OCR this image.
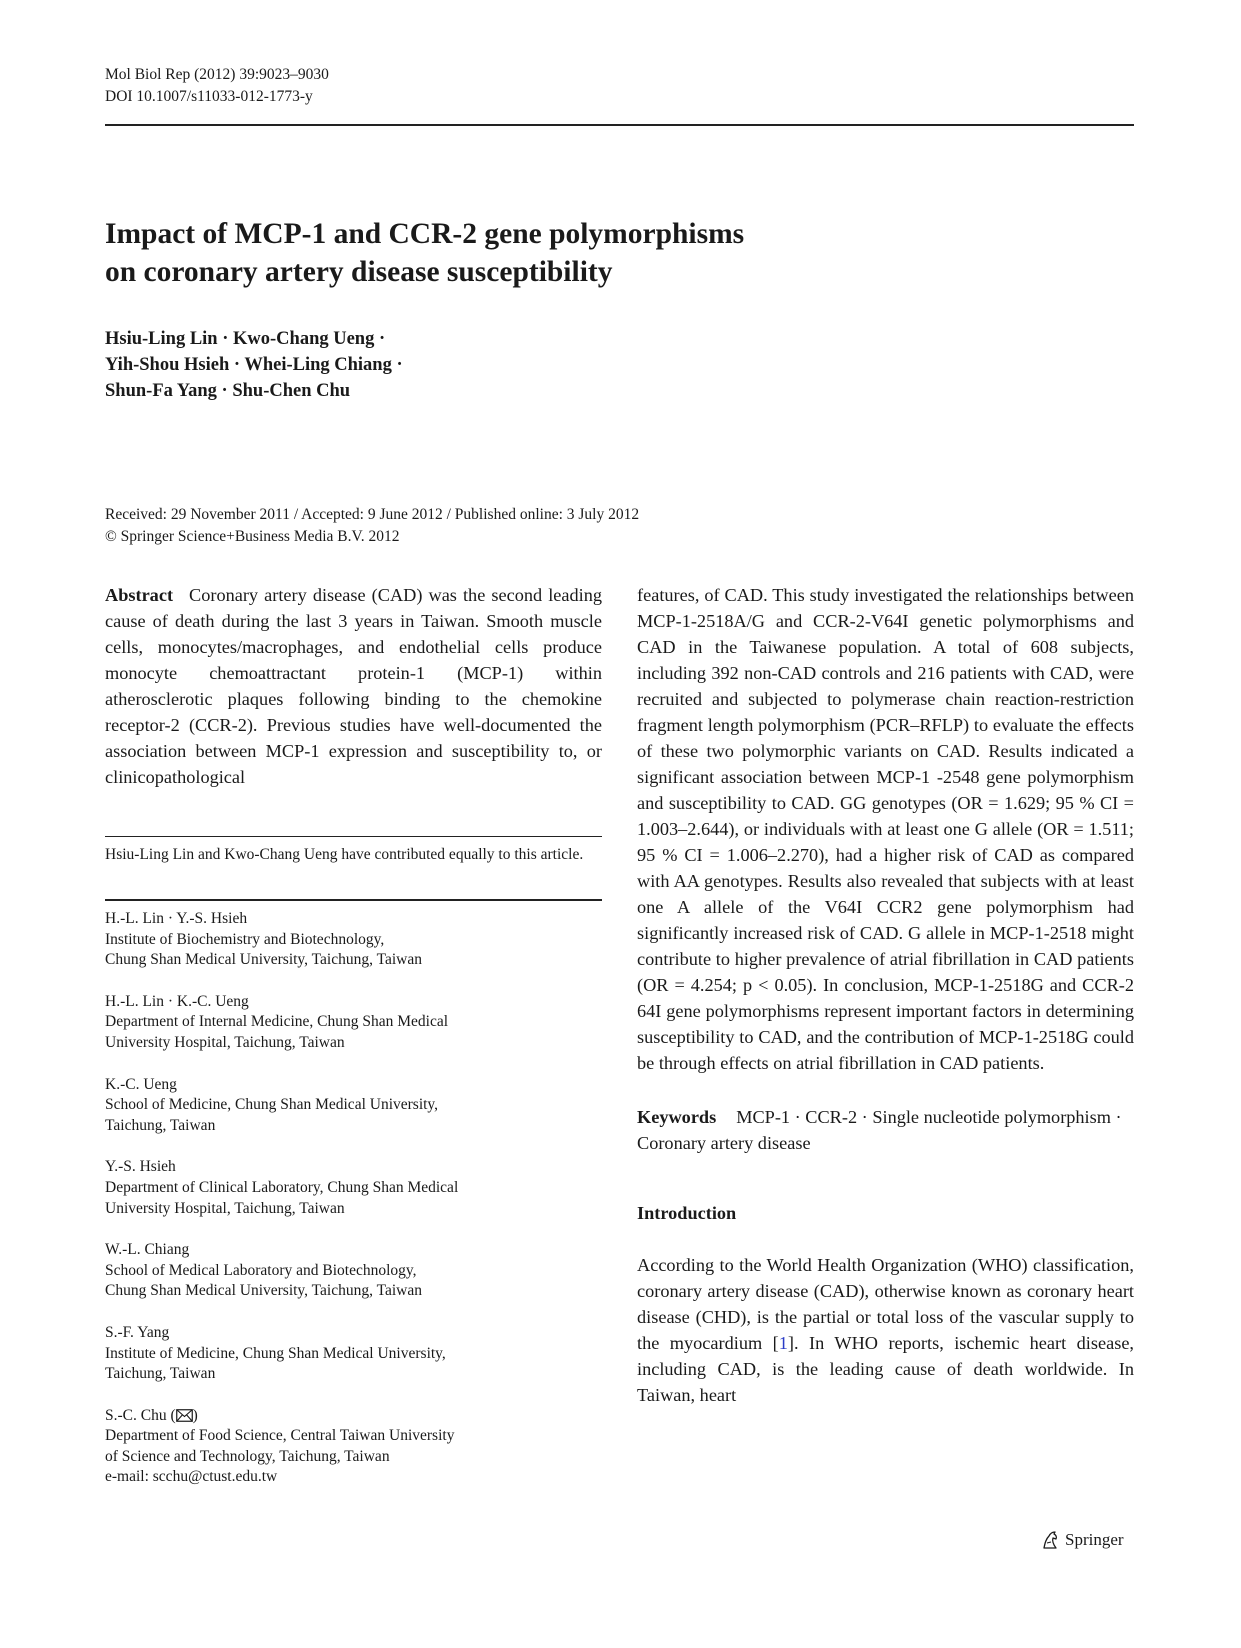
Mol Biol Rep (2012) 39:9023–9030
DOI 10.1007/s11033-012-1773-y
Impact of MCP-1 and CCR-2 gene polymorphisms
on coronary artery disease susceptibility
Hsiu-Ling Lin · Kwo-Chang Ueng ·
Yih-Shou Hsieh · Whei-Ling Chiang ·
Shun-Fa Yang · Shu-Chen Chu
Received: 29 November 2011 / Accepted: 9 June 2012 / Published online: 3 July 2012
© Springer Science+Business Media B.V. 2012

Abstract Coronary artery disease (CAD) was the second leading cause of death during the last 3 years in Taiwan. Smooth muscle cells, monocytes/macrophages, and endothelial cells produce monocyte chemoattractant protein-1 (MCP-1) within atherosclerotic plaques following binding to the chemokine receptor-2 (CCR-2). Previous studies have well-documented the association between MCP-1 expression and susceptibility to, or clinicopathological

Hsiu-Ling Lin and Kwo-Chang Ueng have contributed equally to this article.
H.-L. Lin · Y.-S. Hsieh
Institute of Biochemistry and Biotechnology,
Chung Shan Medical University, Taichung, Taiwan
H.-L. Lin · K.-C. Ueng
Department of Internal Medicine, Chung Shan Medical
University Hospital, Taichung, Taiwan
K.-C. Ueng
School of Medicine, Chung Shan Medical University,
Taichung, Taiwan
Y.-S. Hsieh
Department of Clinical Laboratory, Chung Shan Medical
University Hospital, Taichung, Taiwan
W.-L. Chiang
School of Medical Laboratory and Biotechnology,
Chung Shan Medical University, Taichung, Taiwan
S.-F. Yang
Institute of Medicine, Chung Shan Medical University,
Taichung, Taiwan
S.-C. Chu ( )
Department of Food Science, Central Taiwan University
of Science and Technology, Taichung, Taiwan
e-mail: scchu@ctust.edu.tw

features, of CAD. This study investigated the relationships between MCP-1-2518A/G and CCR-2-V64I genetic polymorphisms and CAD in the Taiwanese population. A total of 608 subjects, including 392 non-CAD controls and 216 patients with CAD, were recruited and subjected to polymerase chain reaction-restriction fragment length polymorphism (PCR–RFLP) to evaluate the effects of these two polymorphic variants on CAD. Results indicated a significant association between MCP-1 -2548 gene polymorphism and susceptibility to CAD. GG genotypes (OR = 1.629; 95 % CI = 1.003–2.644), or individuals with at least one G allele (OR = 1.511; 95 % CI = 1.006–2.270), had a higher risk of CAD as compared with AA genotypes. Results also revealed that subjects with at least one A allele of the V64I CCR2 gene polymorphism had significantly increased risk of CAD. G allele in MCP-1-2518 might contribute to higher prevalence of atrial fibrillation in CAD patients (OR = 4.254; p < 0.05). In conclusion, MCP-1-2518G and CCR-2 64I gene polymorphisms represent important factors in determining susceptibility to CAD, and the contribution of MCP-1-2518G could be through effects on atrial fibrillation in CAD patients.

Keywords MCP-1 · CCR-2 · Single nucleotide polymorphism · Coronary artery disease

Introduction

According to the World Health Organization (WHO) classification, coronary artery disease (CAD), otherwise known as coronary heart disease (CHD), is the partial or total loss of the vascular supply to the myocardium [1]. In WHO reports, ischemic heart disease, including CAD, is the leading cause of death worldwide. In Taiwan, heart

Springer
